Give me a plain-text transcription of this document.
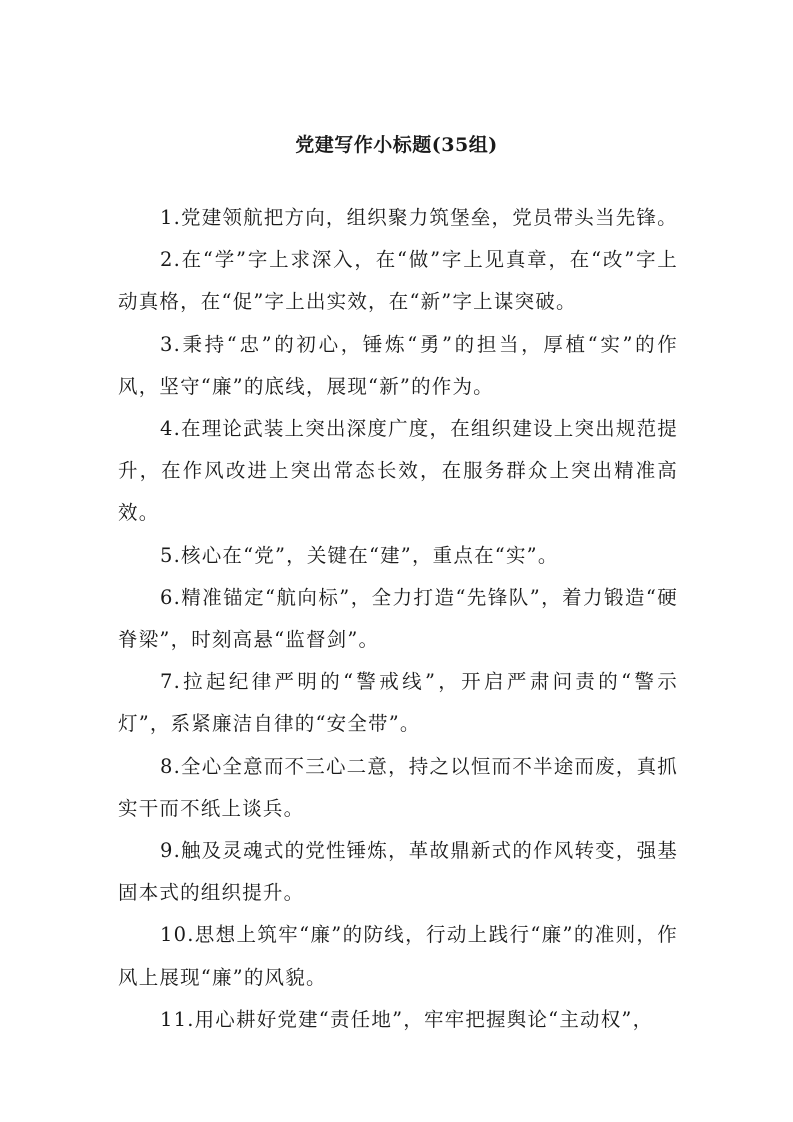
党建写作小标题(35组)

1.党建领航把方向，组织聚力筑堡垒，党员带头当先锋。

2.在“学”字上求深入，在“做”字上见真章，在“改”字上动真格，在“促”字上出实效，在“新”字上谋突破。

3.秉持“忠”的初心，锤炼“勇”的担当，厚植“实”的作风，坚守“廉”的底线，展现“新”的作为。

4.在理论武装上突出深度广度，在组织建设上突出规范提升，在作风改进上突出常态长效，在服务群众上突出精准高效。

5.核心在“党”，关键在“建”，重点在“实”。

6.精准锚定“航向标”，全力打造“先锋队”，着力锻造“硬脊梁”，时刻高悬“监督剑”。

7.拉起纪律严明的“警戒线”，开启严肃问责的“警示灯”，系紧廉洁自律的“安全带”。

8.全心全意而不三心二意，持之以恒而不半途而废，真抓实干而不纸上谈兵。

9.触及灵魂式的党性锤炼，革故鼎新式的作风转变，强基固本式的组织提升。

10.思想上筑牢“廉”的防线，行动上践行“廉”的准则，作风上展现“廉”的风貌。

11.用心耕好党建“责任地”，牢牢把握舆论“主动权”，
